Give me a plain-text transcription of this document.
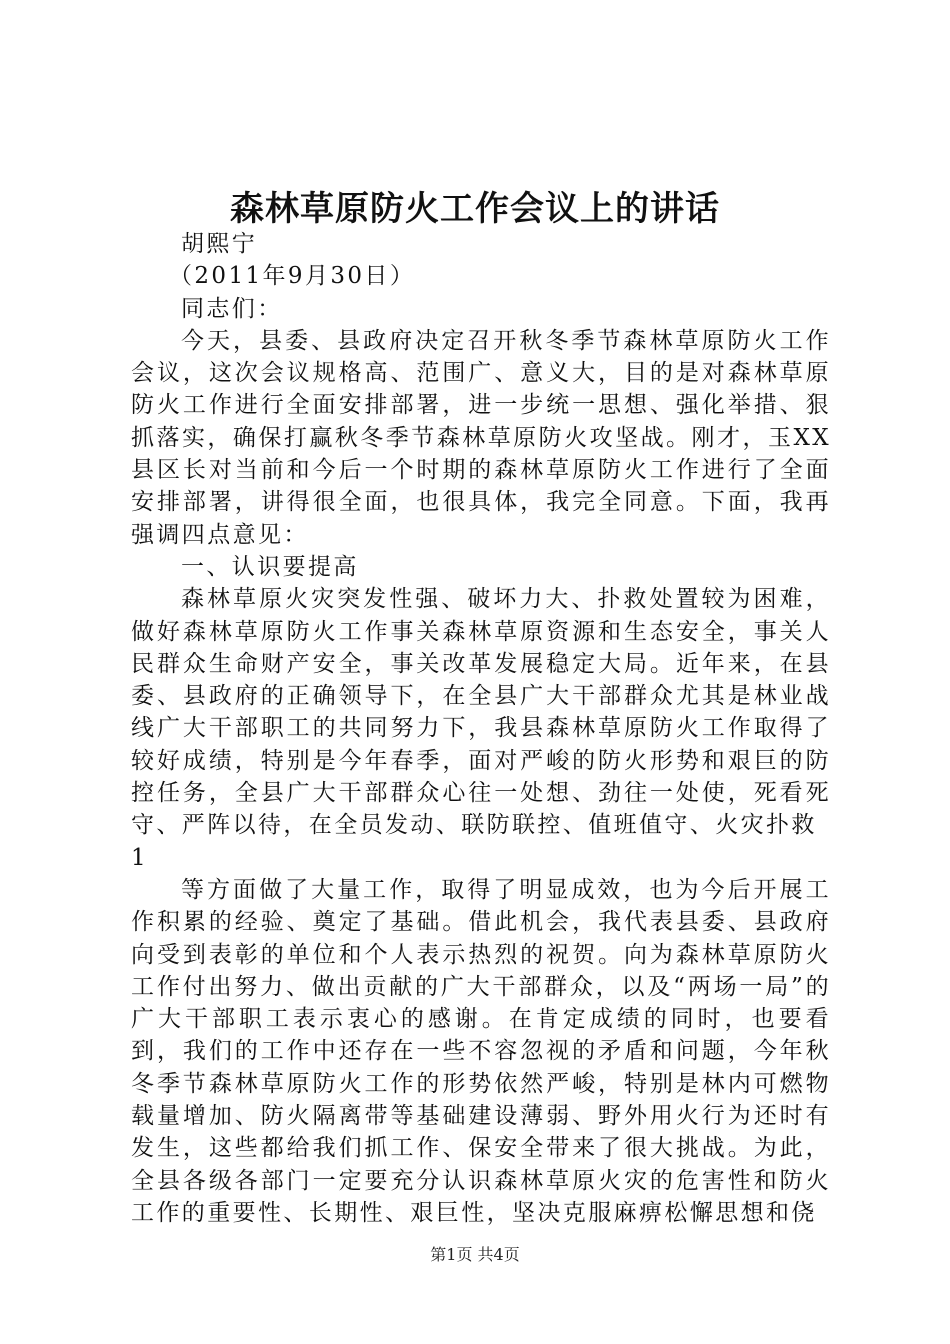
森林草原防火工作会议上的讲话

胡熙宁

（2011年9月30日）

同志们：

今天，县委、县政府决定召开秋冬季节森林草原防火工作会议，这次会议规格高、范围广、意义大，目的是对森林草原防火工作进行全面安排部署，进一步统一思想、强化举措、狠抓落实，确保打赢秋冬季节森林草原防火攻坚战。刚才，玉XX县区长对当前和今后一个时期的森林草原防火工作进行了全面安排部署，讲得很全面，也很具体，我完全同意。下面，我再强调四点意见：

一、认识要提高

森林草原火灾突发性强、破坏力大、扑救处置较为困难，做好森林草原防火工作事关森林草原资源和生态安全，事关人民群众生命财产安全，事关改革发展稳定大局。近年来，在县委、县政府的正确领导下，在全县广大干部群众尤其是林业战线广大干部职工的共同努力下，我县森林草原防火工作取得了较好成绩，特别是今年春季，面对严峻的防火形势和艰巨的防控任务，全县广大干部群众心往一处想、劲往一处使，死看死守、严阵以待，在全员发动、联防联控、值班值守、火灾扑救

1

等方面做了大量工作，取得了明显成效，也为今后开展工作积累的经验、奠定了基础。借此机会，我代表县委、县政府向受到表彰的单位和个人表示热烈的祝贺。向为森林草原防火工作付出努力、做出贡献的广大干部群众，以及“两场一局”的广大干部职工表示衷心的感谢。在肯定成绩的同时，也要看到，我们的工作中还存在一些不容忽视的矛盾和问题，今年秋冬季节森林草原防火工作的形势依然严峻，特别是林内可燃物载量增加、防火隔离带等基础建设薄弱、野外用火行为还时有发生，这些都给我们抓工作、保安全带来了很大挑战。为此，全县各级各部门一定要充分认识森林草原火灾的危害性和防火工作的重要性、长期性、艰巨性，坚决克服麻痹松懈思想和侥

第1页 共4页
